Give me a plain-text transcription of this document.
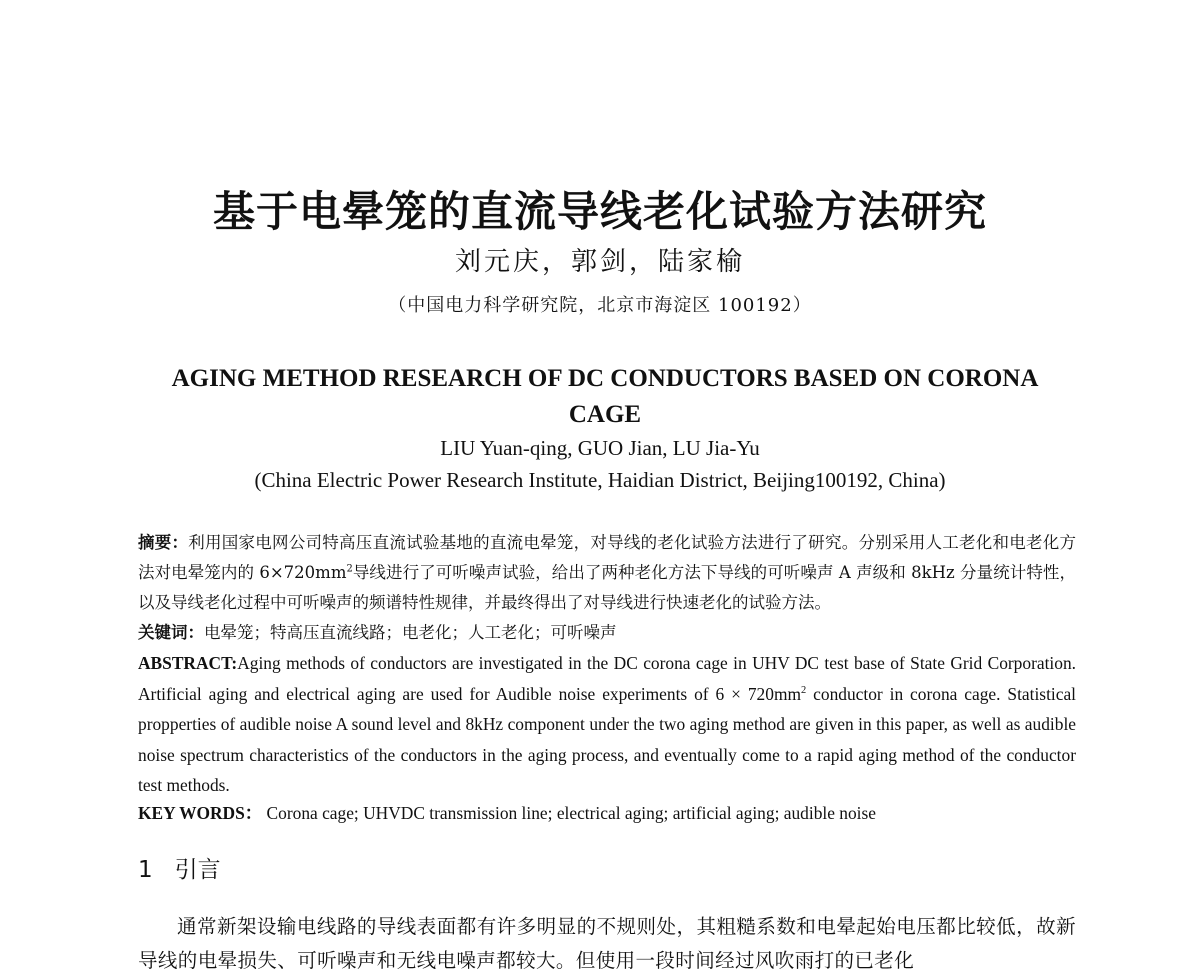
基于电晕笼的直流导线老化试验方法研究
刘元庆，郭剑，陆家榆
（中国电力科学研究院，北京市海淀区 100192）
AGING METHOD RESEARCH OF DC CONDUCTORS BASED ON CORONA CAGE
LIU Yuan-qing, GUO Jian, LU Jia-Yu
(China Electric Power Research Institute, Haidian District, Beijing100192, China)
摘要：利用国家电网公司特高压直流试验基地的直流电晕笼，对导线的老化试验方法进行了研究。分别采用人工老化和电老化方法对电晕笼内的 $6\times 720mm^2$导线进行了可听噪声试验，给出了两种老化方法下导线的可听噪声 A 声级和 8kHz 分量统计特性，以及导线老化过程中可听噪声的频谱特性规律，并最终得出了对导线进行快速老化的试验方法。
关键词：电晕笼；特高压直流线路；电老化；人工老化；可听噪声
ABSTRACT:Aging methods of conductors are investigated in the DC corona cage in UHV DC test base of State Grid Corporation. Artificial aging and electrical aging are used for Audible noise experiments of $6 \times 720mm^2$ conductor in corona cage. Statistical propperties of audible noise A sound level and 8kHz component under the two aging method are given in this paper, as well as audible noise spectrum characteristics of the conductors in the aging process, and eventually come to a rapid aging method of the conductor test methods.
KEY WORDS： Corona cage; UHVDC transmission line; electrical aging; artificial aging; audible noise
1 引言
通常新架设输电线路的导线表面都有许多明显的不规则处，其粗糙系数和电晕起始电压都比较低，故新导线的电晕损失、可听噪声和无线电噪声都较大。但使用一段时间经过风吹雨打的已老化
